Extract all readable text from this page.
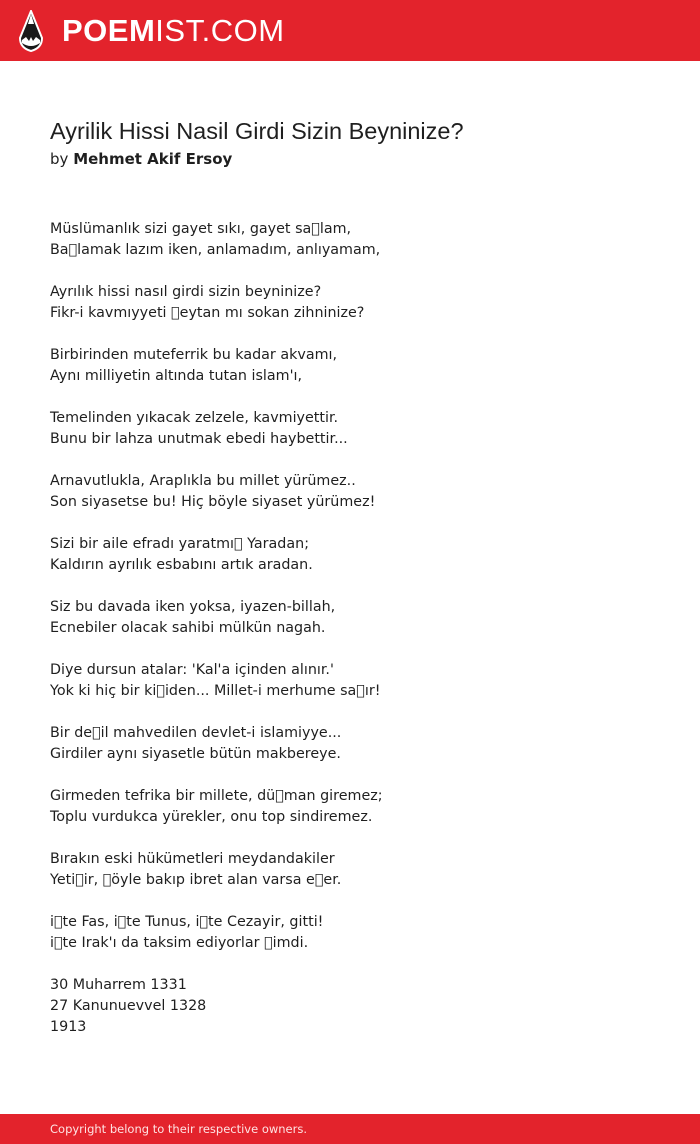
POEMIST.COM
Ayrilik Hissi Nasil Girdi Sizin Beyninize?
by Mehmet Akif Ersoy
Müslümanlık sizi gayet sıkı, gayet sa lam,
Ba lamak lazım iken, anlamadım, anlıyamam,
Ayrılık hissi nasıl girdi sizin beyninize?
Fikr-i kavmıyyeti  eytan mı sokan zihninize?
Birbirinden muteferrik bu kadar akvamı,
Aynı milliyetin altında tutan islam'ı,
Temelinden yıkacak zelzele, kavmiyettir.
Bunu bir lahza unutmak ebedi haybettir...
Arnavutlukla, Araplıkla bu millet yürümez..
Son siyasetse bu! Hiç böyle siyaset yürümez!
Sizi bir aile efradı yaratmı  Yaradan;
Kaldırın ayrılık esbabını artık aradan.
Siz bu davada iken yoksa, iyazen-billah,
Ecnebiler olacak sahibi mülkün nagah.
Diye dursun atalar: 'Kal'a içinden alınır.'
Yok ki hiç bir ki iden... Millet-i merhume sa ır!
Bir de il mahvedilen devlet-i islamiyye...
Girdiler aynı siyasetle bütün makbereye.
Girmeden tefrika bir millete, dü man giremez;
Toplu vurdukca yürekler, onu top sindiremez.
Bırakın eski hükümetleri meydandakiler
Yeti ir,  öyle bakıp ibret alan varsa e er.
i te Fas, i te Tunus, i te Cezayir, gitti!
i te Irak'ı da taksim ediyorlar  imdi.
30 Muharrem 1331
27 Kanunuevvel 1328
1913
Copyright belong to their respective owners.
